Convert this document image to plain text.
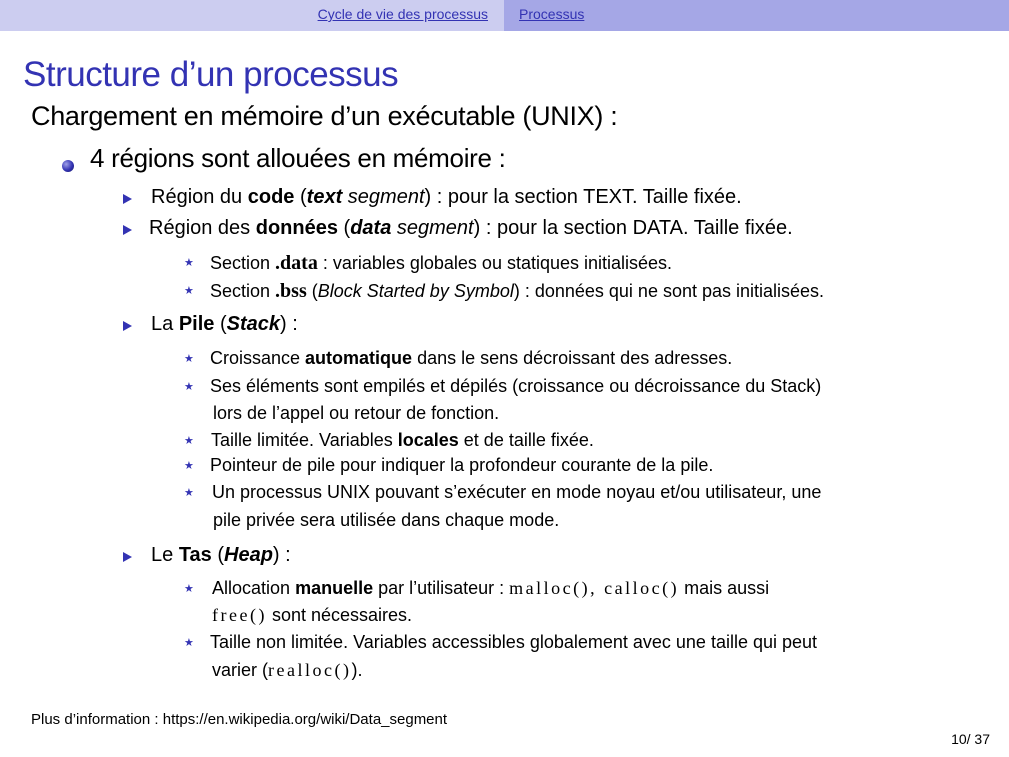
Cycle de vie des processus Processus
Structure d’un processus
Chargement en mémoire d’un exécutable (UNIX) :
4 régions sont allouées en mémoire :
Région du code (text segment) : pour la section TEXT. Taille fixée.
Région des données (data segment) : pour la section DATA. Taille fixée.
★ Section .data : variables globales ou statiques initialisées.
★ Section .bss (Block Started by Symbol) : données qui ne sont pas initialisées.
La Pile (Stack) :
★ Croissance automatique dans le sens décroissant des adresses.
★ Ses éléments sont empilés et dépilés (croissance ou décroissance du Stack)
lors de l’appel ou retour de fonction.
★ Taille limitée. Variables locales et de taille fixée.
★ Pointeur de pile pour indiquer la profondeur courante de la pile.
★ Un processus UNIX pouvant s’exécuter en mode noyau et/ou utilisateur, une
pile privée sera utilisée dans chaque mode.
Le Tas (Heap) :
★ Allocation manuelle par l’utilisateur : malloc(), calloc() mais aussi
free() sont nécessaires.
★ Taille non limitée. Variables accessibles globalement avec une taille qui peut
varier (realloc()).
Plus d’information : https://en.wikipedia.org/wiki/Data_segment
10/ 37
